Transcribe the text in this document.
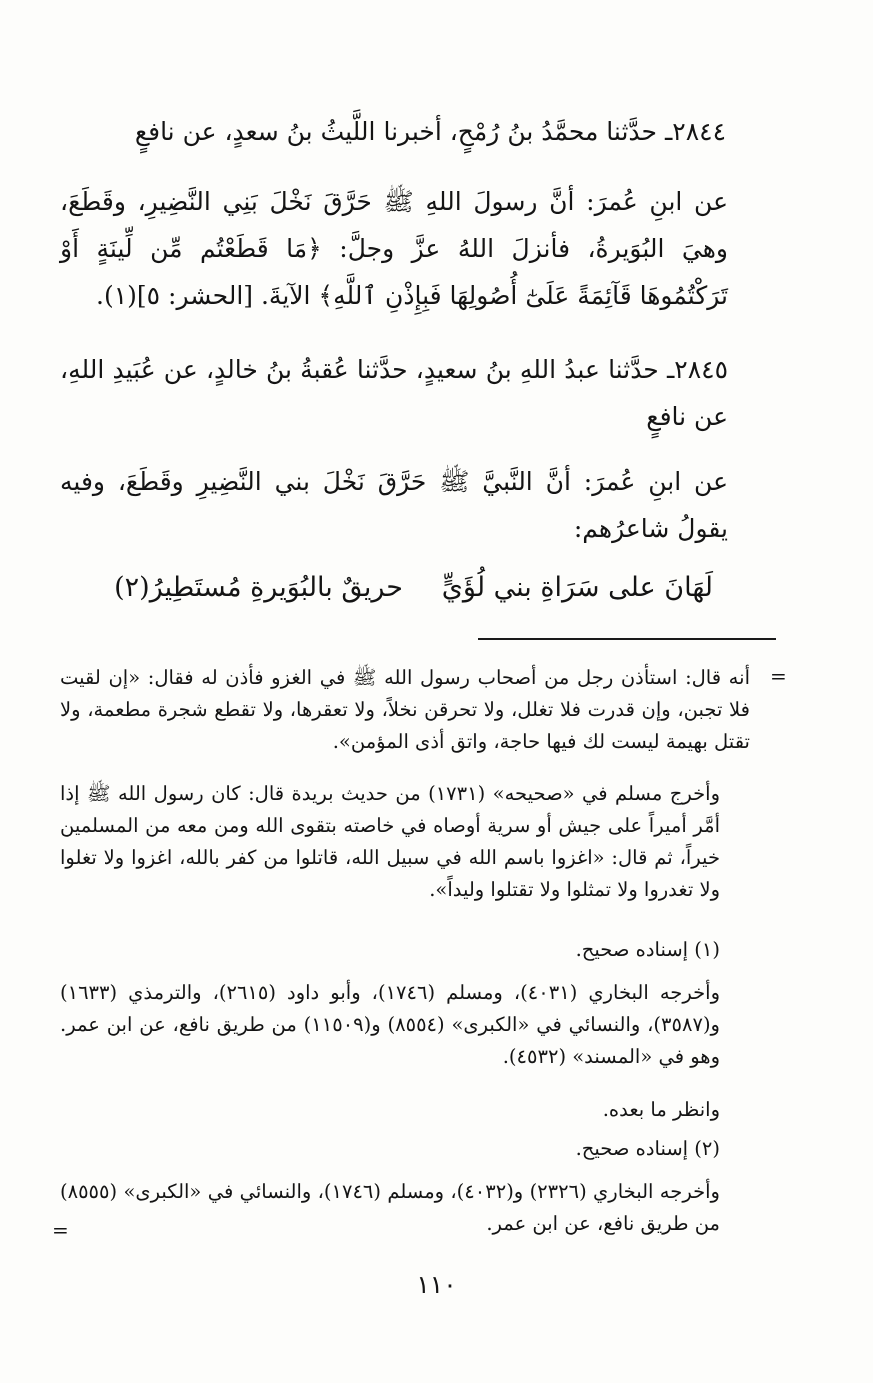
٢٨٤٤ـ حدَّثنا محمَّدُ بنُ رُمْحٍ، أخبرنا اللَّيثُ بنُ سعدٍ، عن نافعٍ

عن ابنِ عُمرَ: أنَّ رسولَ اللهِ ﷺ حَرَّقَ نَخْلَ بَنِي النَّضِيرِ، وقَطَعَ، وهيَ البُوَيرةُ، فأنزلَ اللهُ عزَّ وجلَّ: ﴿مَا قَطَعْتُم مِّن لِّينَةٍ أَوْ تَرَكْتُمُوهَا قَآئِمَةً عَلَىٰٓ أُصُولِهَا فَبِإِذْنِ ٱللَّهِ﴾ الآيةَ. [الحشر: ٥](١).

٢٨٤٥ـ حدَّثنا عبدُ اللهِ بنُ سعيدٍ، حدَّثنا عُقبةُ بنُ خالدٍ، عن عُبَيدِ اللهِ، عن نافعٍ

عن ابنِ عُمرَ: أنَّ النَّبيَّ ﷺ حَرَّقَ نَخْلَ بني النَّضِيرِ وقَطَعَ، وفيه يقولُ شاعرُهم:

لَهَانَ على سَرَاةِ بني لُؤَيٍّ
حريقٌ بالبُوَيرةِ مُستَطِيرُ(٢)
=

أنه قال: استأذن رجل من أصحاب رسول الله ﷺ في الغزو فأذن له فقال: «إن لقيت فلا تجبن، وإن قدرت فلا تغلل، ولا تحرقن نخلاً، ولا تعقرها، ولا تقطع شجرة مطعمة، ولا تقتل بهيمة ليست لك فيها حاجة، واتق أذى المؤمن».

وأخرج مسلم في «صحيحه» (١٧٣١) من حديث بريدة قال: كان رسول الله ﷺ إذا أمَّر أميراً على جيش أو سرية أوصاه في خاصته بتقوى الله ومن معه من المسلمين خيراً، ثم قال: «اغزوا باسم الله في سبيل الله، قاتلوا من كفر بالله، اغزوا ولا تغلوا ولا تغدروا ولا تمثلوا ولا تقتلوا وليداً».

(١) إسناده صحيح.

وأخرجه البخاري (٤٠٣١)، ومسلم (١٧٤٦)، وأبو داود (٢٦١٥)، والترمذي (١٦٣٣) و(٣٥٨٧)، والنسائي في «الكبرى» (٨٥٥٤) و(١١٥٠٩) من طريق نافع، عن ابن عمر. وهو في «المسند» (٤٥٣٢).

وانظر ما بعده.

(٢) إسناده صحيح.

وأخرجه البخاري (٢٣٢٦) و(٤٠٣٢)، ومسلم (١٧٤٦)، والنسائي في «الكبرى» (٨٥٥٥) من طريق نافع، عن ابن عمر.

=
١١٠
